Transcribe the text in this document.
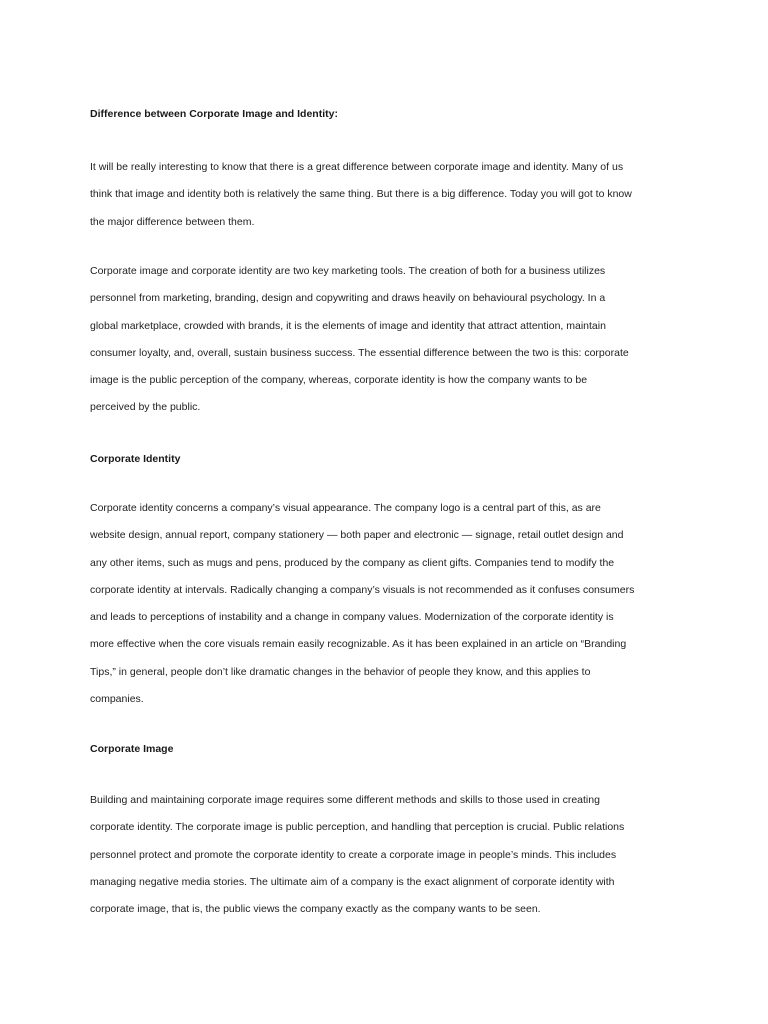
Difference between Corporate Image and Identity:
It will be really interesting to know that there is a great difference between corporate image and identity. Many of us
think that image and identity both is relatively the same thing. But there is a big difference. Today you will got to know
the major difference between them.
Corporate image and corporate identity are two key marketing tools. The creation of both for a business utilizes
personnel from marketing, branding, design and copywriting and draws heavily on behavioural psychology. In a
global marketplace, crowded with brands, it is the elements of image and identity that attract attention, maintain
consumer loyalty, and, overall, sustain business success. The essential difference between the two is this: corporate
image is the public perception of the company, whereas, corporate identity is how the company wants to be
perceived by the public.
Corporate Identity
Corporate identity concerns a company’s visual appearance. The company logo is a central part of this, as are
website design, annual report, company stationery — both paper and electronic — signage, retail outlet design and
any other items, such as mugs and pens, produced by the company as client gifts. Companies tend to modify the
corporate identity at intervals. Radically changing a company’s visuals is not recommended as it confuses consumers
and leads to perceptions of instability and a change in company values. Modernization of the corporate identity is
more effective when the core visuals remain easily recognizable. As it has been explained in an article on “Branding
Tips,” in general, people don’t like dramatic changes in the behavior of people they know, and this applies to
companies.
Corporate Image
Building and maintaining corporate image requires some different methods and skills to those used in creating
corporate identity. The corporate image is public perception, and handling that perception is crucial. Public relations
personnel protect and promote the corporate identity to create a corporate image in people’s minds. This includes
managing negative media stories. The ultimate aim of a company is the exact alignment of corporate identity with
corporate image, that is, the public views the company exactly as the company wants to be seen.
